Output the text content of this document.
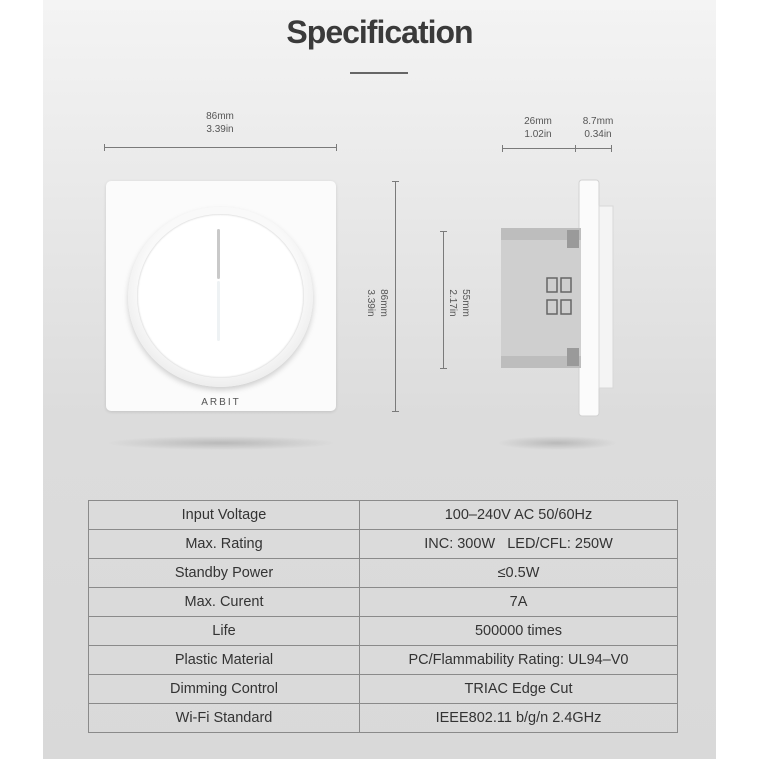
Specification
86mm
3.39in
86mm
3.39in	55mm
2.17in
26mm
1.02in
8.7mm
0.34in
ARBIT
Input Voltage	100–240V AC 50/60Hz
Max. Rating	INC: 300W   LED/CFL: 250W
Standby Power	≤0.5W
Max. Curent	7A
Life	500000 times
Plastic Material	PC/Flammability Rating: UL94–V0
Dimming Control	TRIAC Edge Cut
Wi-Fi Standard	IEEE802.11 b/g/n 2.4GHz
